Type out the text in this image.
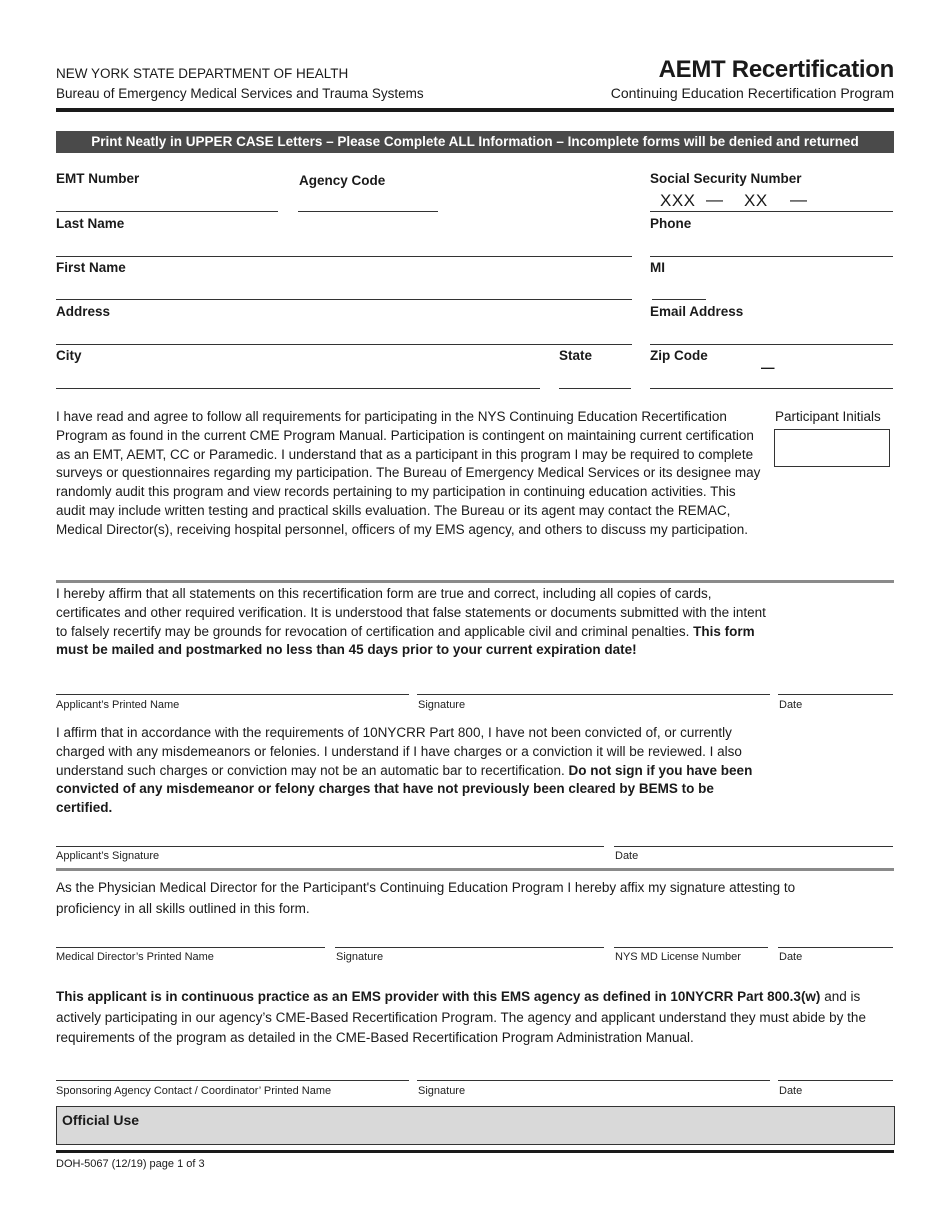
NEW YORK STATE DEPARTMENT OF HEALTH
Bureau of Emergency Medical Services and Trauma Systems
AEMT Recertification
Continuing Education Recertification Program
Print Neatly in UPPER CASE Letters – Please Complete ALL Information – Incomplete forms will be denied and returned
EMT Number	Agency Code	Social Security Number
XXX — XX —
Last Name	Phone
First Name	MI
Address	Email Address
City	State	Zip Code
—
I have read and agree to follow all requirements for participating in the NYS Continuing Education Recertification Program as found in the current CME Program Manual. Participation is contingent on maintaining current certification as an EMT, AEMT, CC or Paramedic. I understand that as a participant in this program I may be required to complete surveys or questionnaires regarding my participation. The Bureau of Emergency Medical Services or its designee may randomly audit this program and view records pertaining to my participation in continuing education activities. This audit may include written testing and practical skills evaluation. The Bureau or its agent may contact the REMAC, Medical Director(s), receiving hospital personnel, officers of my EMS agency, and others to discuss my participation.
Participant Initials
I hereby affirm that all statements on this recertification form are true and correct, including all copies of cards, certificates and other required verification. It is understood that false statements or documents submitted with the intent to falsely recertify may be grounds for revocation of certification and applicable civil and criminal penalties. This form must be mailed and postmarked no less than 45 days prior to your current expiration date!
Applicant’s Printed Name	Signature	Date
I affirm that in accordance with the requirements of 10NYCRR Part 800, I have not been convicted of, or currently charged with any misdemeanors or felonies. I understand if I have charges or a conviction it will be reviewed. I also understand such charges or conviction may not be an automatic bar to recertification. Do not sign if you have been convicted of any misdemeanor or felony charges that have not previously been cleared by BEMS to be certified.
Applicant’s Signature	Date
As the Physician Medical Director for the Participant's Continuing Education Program I hereby affix my signature attesting to proficiency in all skills outlined in this form.
Medical Director’s Printed Name	Signature	NYS MD License Number	Date
This applicant is in continuous practice as an EMS provider with this EMS agency as defined in 10NYCRR Part 800.3(w) and is actively participating in our agency’s CME-Based Recertification Program. The agency and applicant understand they must abide by the requirements of the program as detailed in the CME-Based Recertification Program Administration Manual.
Sponsoring Agency Contact / Coordinator’ Printed Name	Signature	Date
Official Use
DOH-5067 (12/19) page 1 of 3
